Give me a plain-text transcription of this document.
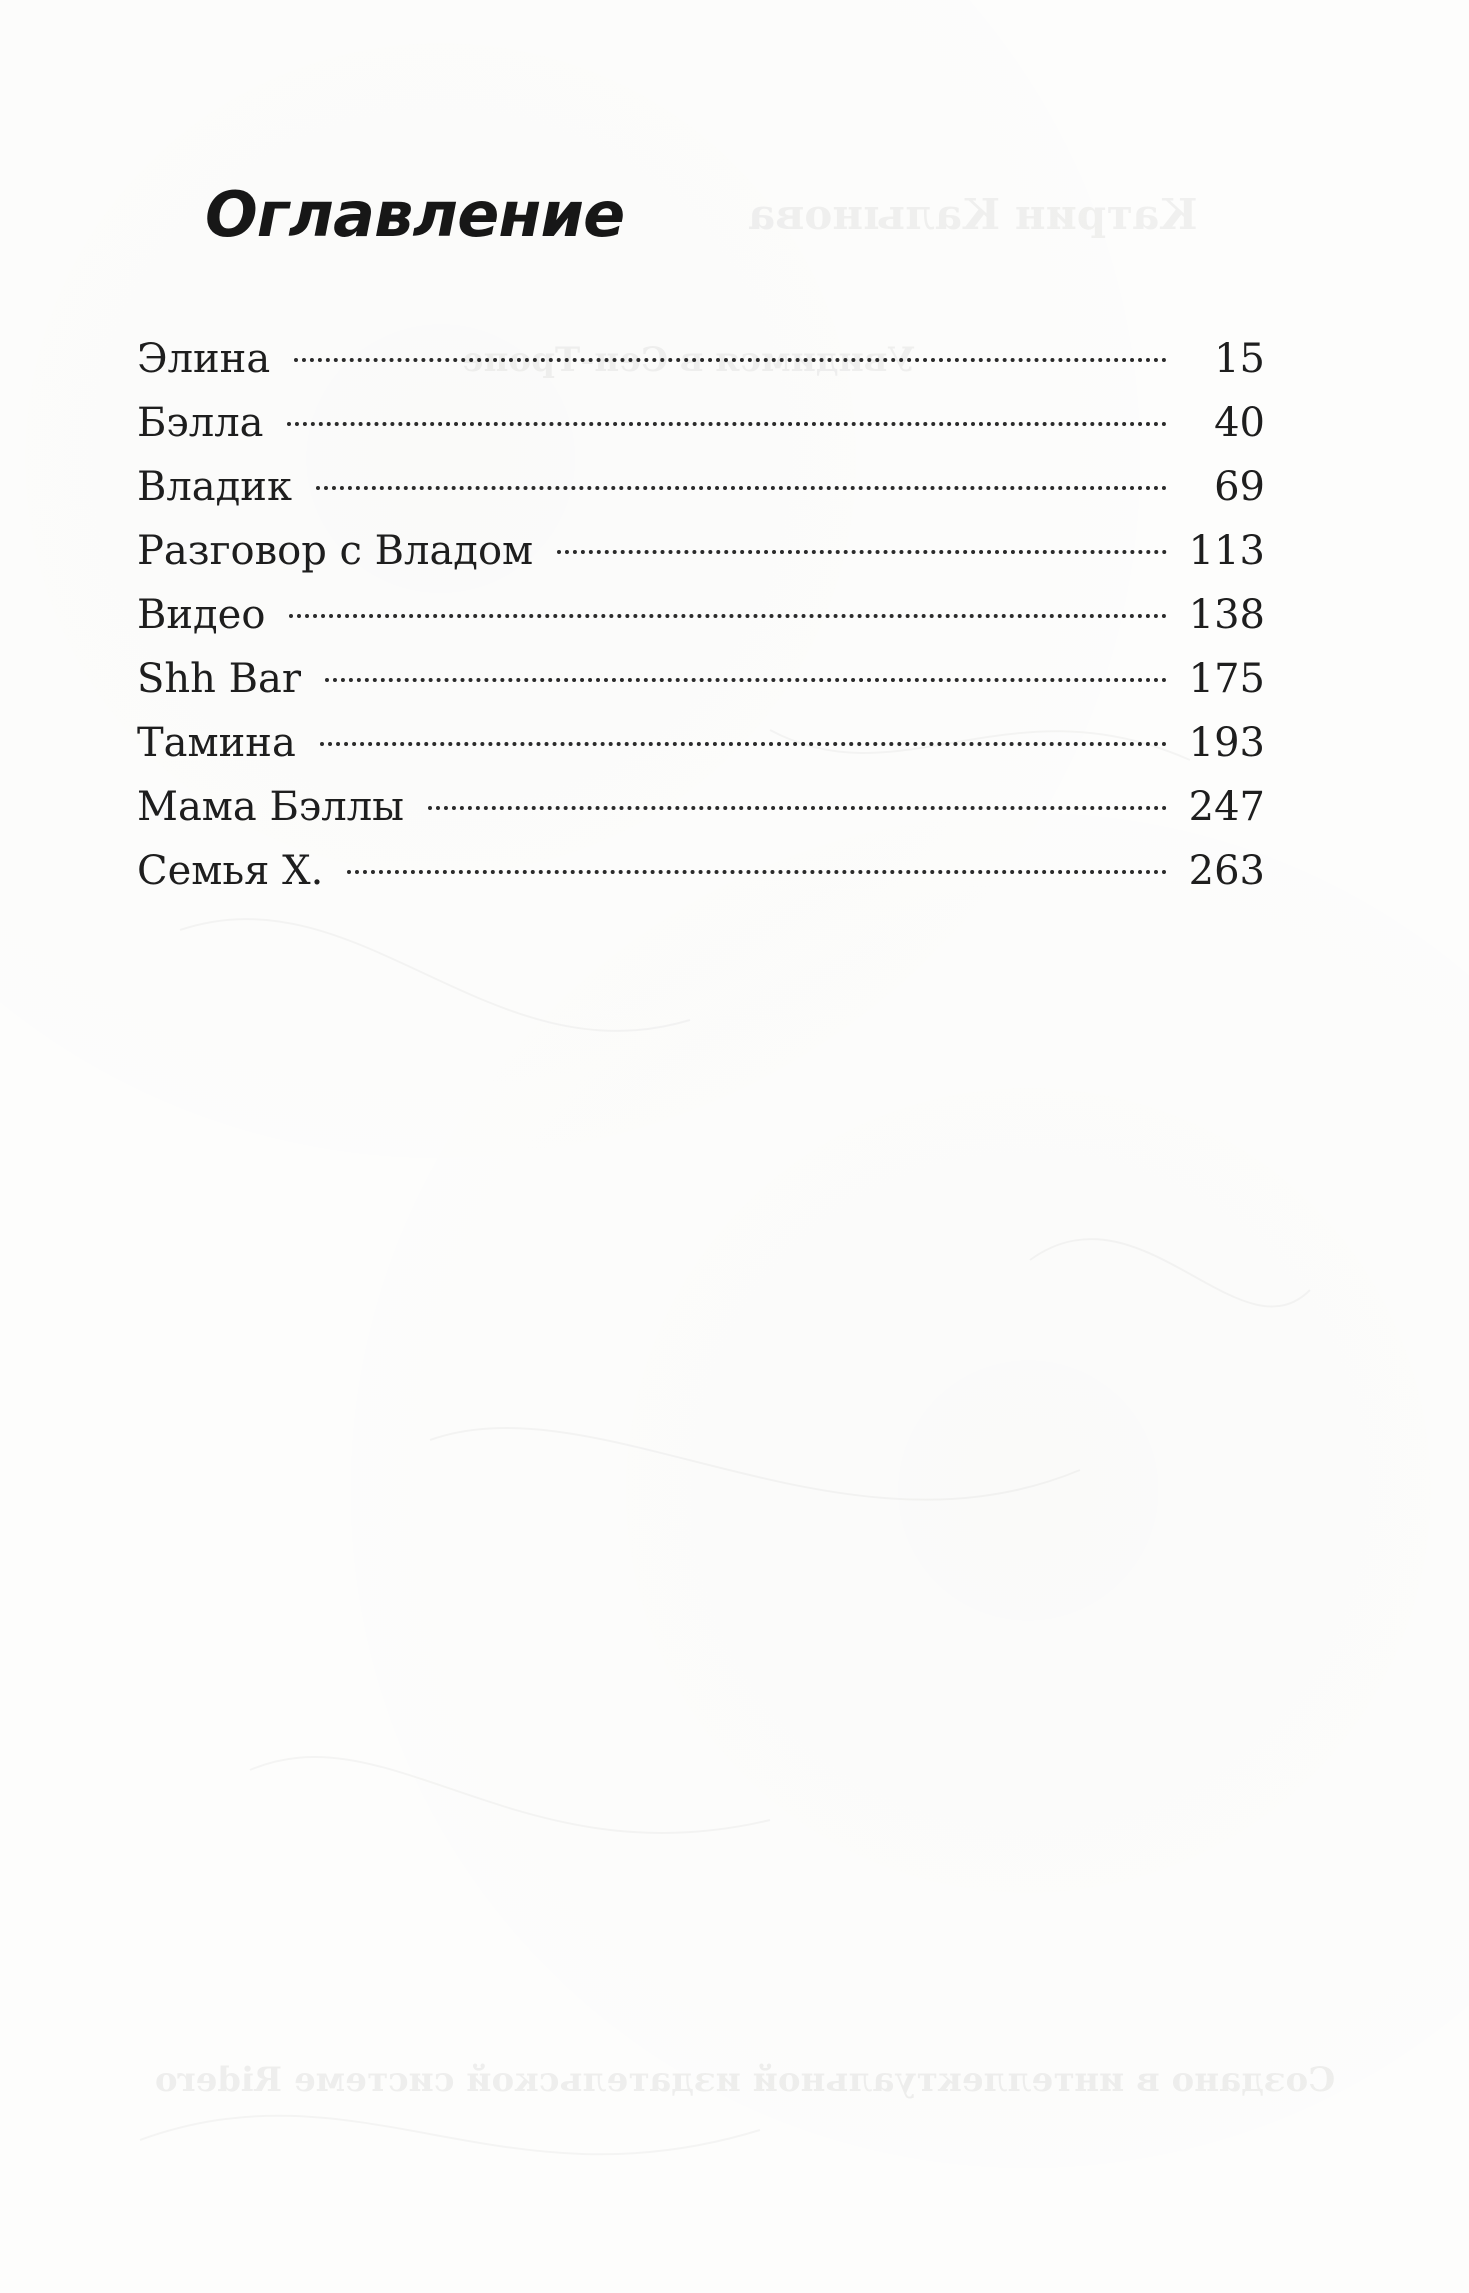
Катрин Калынова
Увидимся в Сен-Тропе
Создано в интеллектуальной издательской системе Ridero
Оглавление
Элина	15
Бэлла	40
Владик	69
Разговор с Владом	113
Видео	138
Shh Bar	175
Тамина	193
Мама Бэллы	247
Семья Х.	263
